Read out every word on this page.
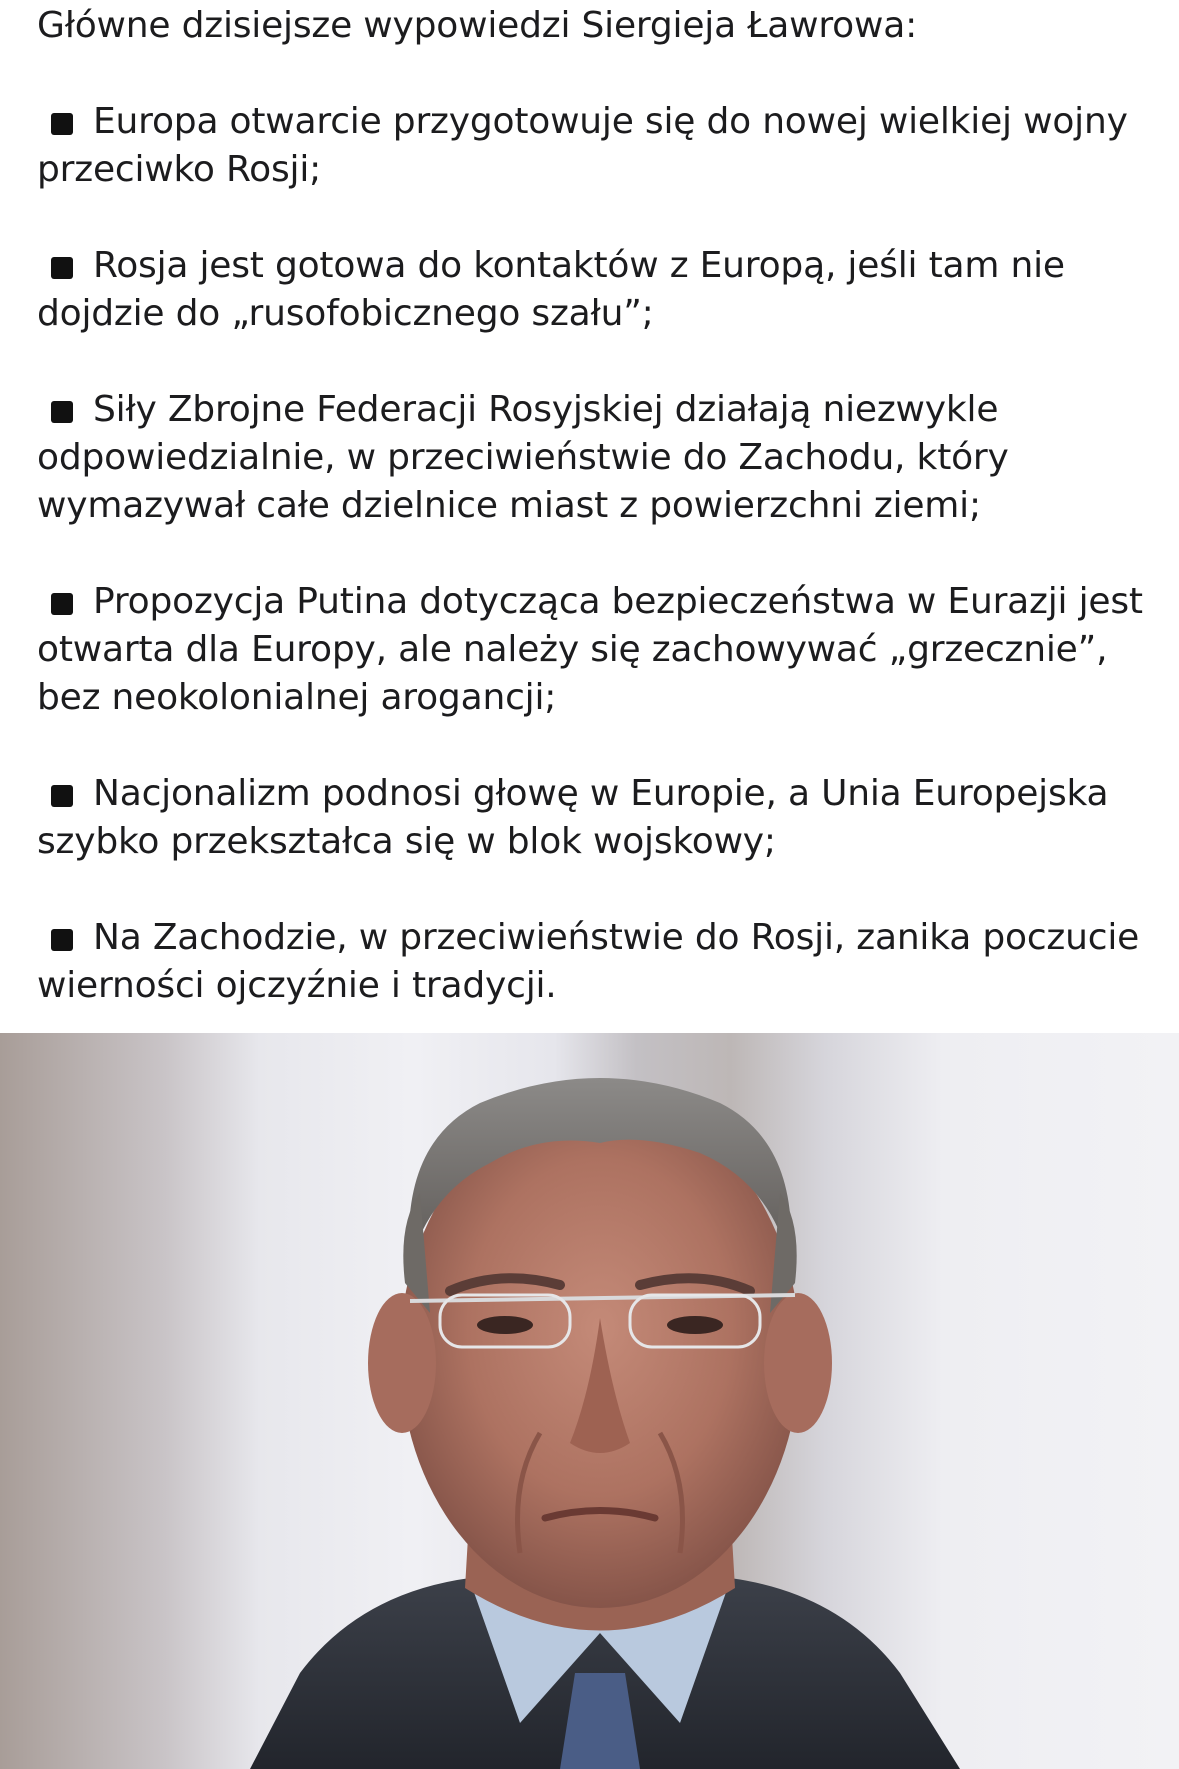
Główne dzisiejsze wypowiedzi Siergieja Ławrowa:

Europa otwarcie przygotowuje się do nowej wielkiej wojny przeciwko Rosji;

Rosja jest gotowa do kontaktów z Europą, jeśli tam nie dojdzie do „rusofobicznego szału”;

Siły Zbrojne Federacji Rosyjskiej działają niezwykle odpowiedzialnie, w przeciwieństwie do Zachodu, który wymazywał całe dzielnice miast z powierzchni ziemi;

Propozycja Putina dotycząca bezpieczeństwa w Eurazji jest otwarta dla Europy, ale należy się zachowywać „grzecznie”, bez neokolonialnej arogancji;

Nacjonalizm podnosi głowę w Europie, a Unia Europejska szybko przekształca się w blok wojskowy;

Na Zachodzie, w przeciwieństwie do Rosji, zanika poczucie wierności ojczyźnie i tradycji.
